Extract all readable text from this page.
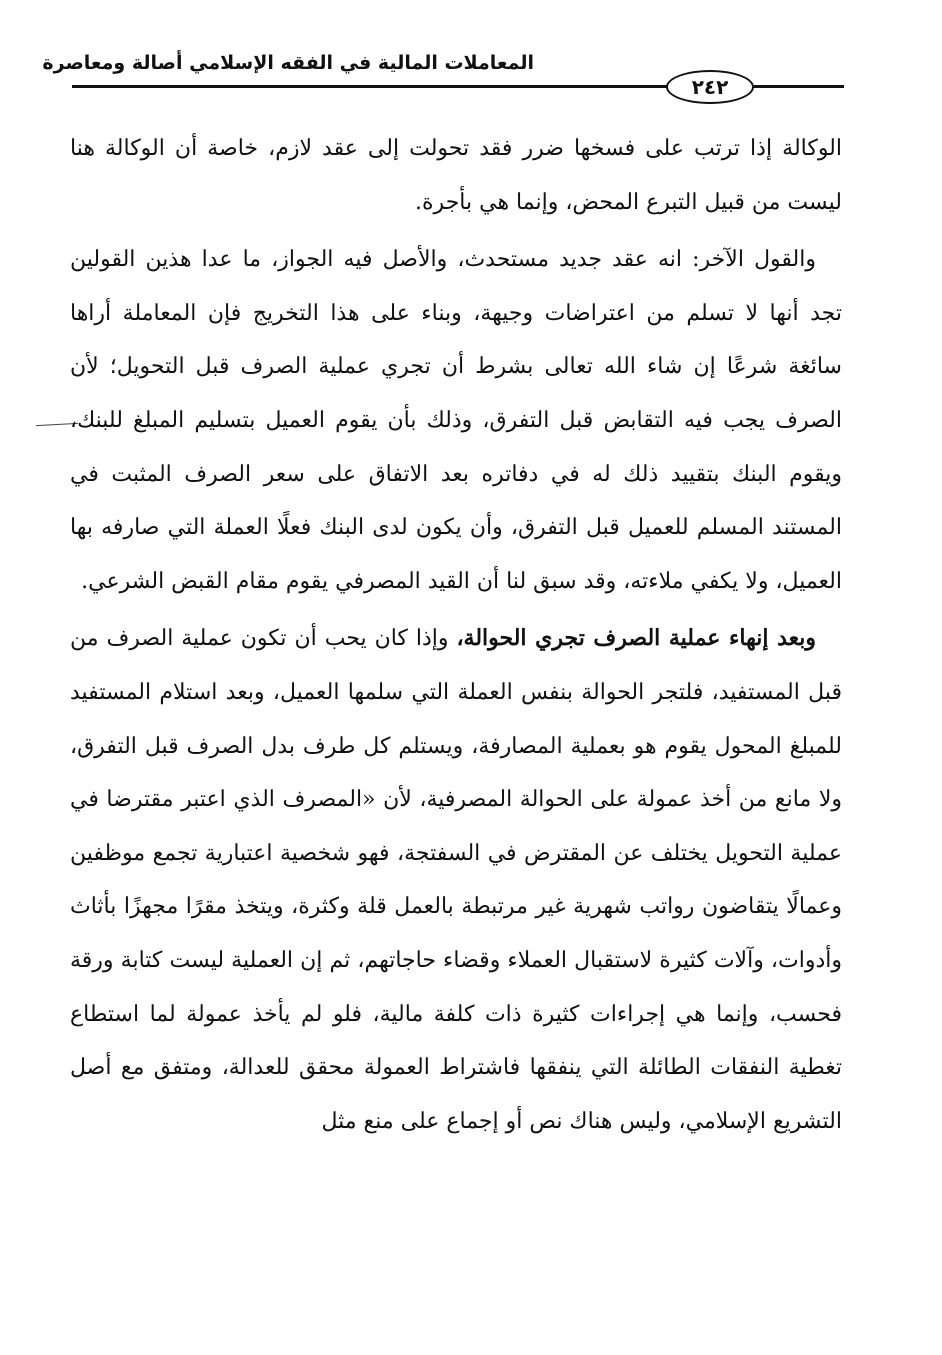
المعاملات المالية في الفقه الإسلامي أصالة ومعاصرة
٢٤٢

الوكالة إذا ترتب على فسخها ضرر فقد تحولت إلى عقد لازم، خاصة أن الوكالة هنا ليست من قبيل التبرع المحض، وإنما هي بأجرة.

والقول الآخر: انه عقد جديد مستحدث، والأصل فيه الجواز، ما عدا هذين القولين تجد أنها لا تسلم من اعتراضات وجيهة، وبناء على هذا التخريج فإن المعاملة أراها سائغة شرعًا إن شاء الله تعالى بشرط أن تجري عملية الصرف قبل التحويل؛ لأن الصرف يجب فيه التقابض قبل التفرق، وذلك بأن يقوم العميل بتسليم المبلغ للبنك، ويقوم البنك بتقييد ذلك له في دفاتره بعد الاتفاق على سعر الصرف المثبت في المستند المسلم للعميل قبل التفرق، وأن يكون لدى البنك فعلًا العملة التي صارفه بها العميل، ولا يكفي ملاءته، وقد سبق لنا أن القيد المصرفي يقوم مقام القبض الشرعي.

وبعد إنهاء عملية الصرف تجري الحوالة، وإذا كان يحب أن تكون عملية الصرف من قبل المستفيد، فلتجر الحوالة بنفس العملة التي سلمها العميل، وبعد استلام المستفيد للمبلغ المحول يقوم هو بعملية المصارفة، ويستلم كل طرف بدل الصرف قبل التفرق، ولا مانع من أخذ عمولة على الحوالة المصرفية، لأن «المصرف الذي اعتبر مقترضا في عملية التحويل يختلف عن المقترض في السفتجة، فهو شخصية اعتبارية تجمع موظفين وعمالًا يتقاضون رواتب شهرية غير مرتبطة بالعمل قلة وكثرة، ويتخذ مقرًا مجهزًا بأثاث وأدوات، وآلات كثيرة لاستقبال العملاء وقضاء حاجاتهم، ثم إن العملية ليست كتابة ورقة فحسب، وإنما هي إجراءات كثيرة ذات كلفة مالية، فلو لم يأخذ عمولة لما استطاع تغطية النفقات الطائلة التي ينفقها فاشتراط العمولة محقق للعدالة، ومتفق مع أصل التشريع الإسلامي، وليس هناك نص أو إجماع على منع مثل
